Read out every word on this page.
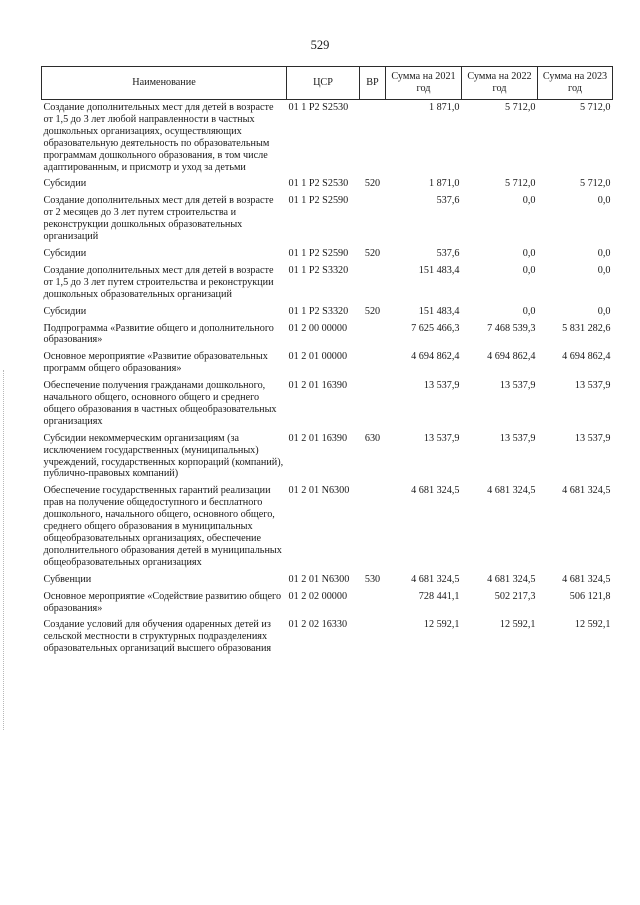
529
Наименование	ЦСР	ВР	Сумма на 2021 год	Сумма на 2022 год	Сумма на 2023 год
Создание дополнительных мест для детей в возрасте от 1,5 до 3 лет любой направленности в частных дошкольных организациях, осуществляющих образовательную деятельность по образовательным программам дошкольного образования, в том числе адаптированным, и присмотр и уход за детьми	01 1 P2 S2530		1 871,0	5 712,0	5 712,0
Субсидии	01 1 P2 S2530	520	1 871,0	5 712,0	5 712,0
Создание дополнительных мест для детей в возрасте от 2 месяцев до 3 лет путем строительства и реконструкции дошкольных образовательных организаций	01 1 P2 S2590		537,6	0,0	0,0
Субсидии	01 1 P2 S2590	520	537,6	0,0	0,0
Создание дополнительных мест для детей в возрасте от 1,5 до 3 лет путем строительства и реконструкции дошкольных образовательных организаций	01 1 P2 S3320		151 483,4	0,0	0,0
Субсидии	01 1 P2 S3320	520	151 483,4	0,0	0,0
Подпрограмма «Развитие общего и дополнительного образования»	01 2 00 00000		7 625 466,3	7 468 539,3	5 831 282,6
Основное мероприятие «Развитие образовательных программ общего образования»	01 2 01 00000		4 694 862,4	4 694 862,4	4 694 862,4
Обеспечение получения гражданами дошкольного, начального общего, основного общего и среднего общего образования в частных общеобразовательных организациях	01 2 01 16390		13 537,9	13 537,9	13 537,9
Субсидии некоммерческим организациям (за исключением государственных (муниципальных) учреждений, государственных корпораций (компаний), публично-правовых компаний)	01 2 01 16390	630	13 537,9	13 537,9	13 537,9
Обеспечение государственных гарантий реализации прав на получение общедоступного и бесплатного дошкольного, начального общего, основного общего, среднего общего образования в муниципальных общеобразовательных организациях, обеспечение дополнительного образования детей в муниципальных общеобразовательных организациях	01 2 01 N6300		4 681 324,5	4 681 324,5	4 681 324,5
Субвенции	01 2 01 N6300	530	4 681 324,5	4 681 324,5	4 681 324,5
Основное мероприятие «Содействие развитию общего образования»	01 2 02 00000		728 441,1	502 217,3	506 121,8
Создание условий для обучения одаренных детей из сельской местности в структурных подразделениях образовательных организаций высшего образования	01 2 02 16330		12 592,1	12 592,1	12 592,1
